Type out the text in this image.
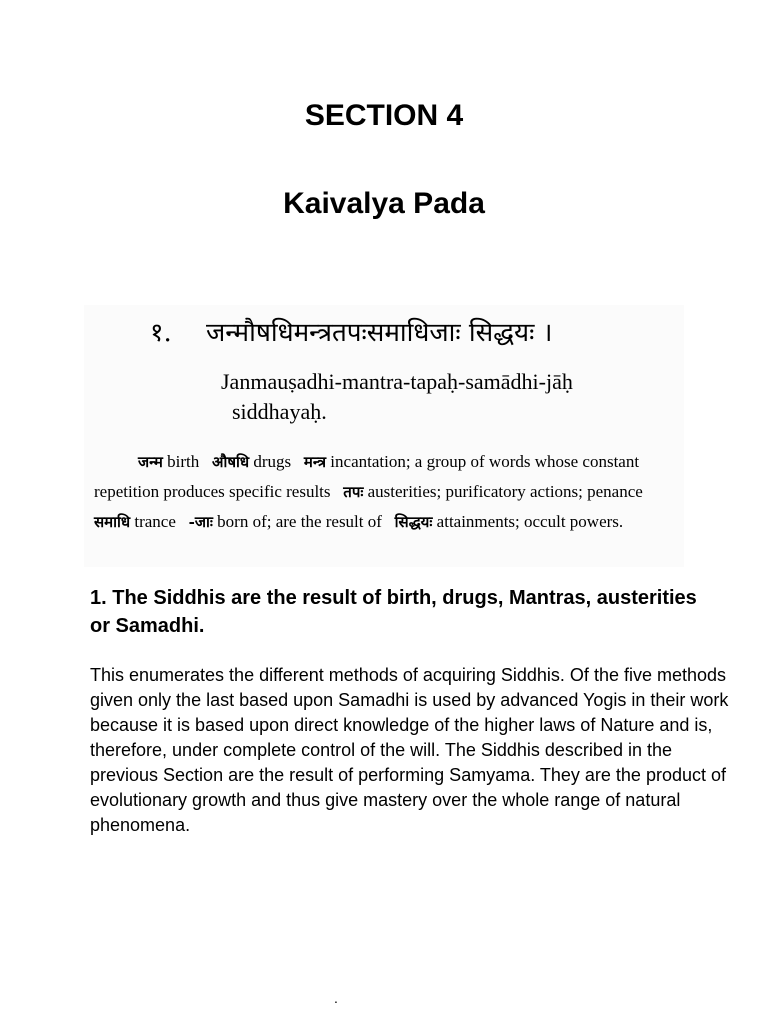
SECTION 4
Kaivalya Pada
१. जन्मौषधिमन्त्रतपःसमाधिजाः सिद्धयः ।
Janmauṣadhi-mantra-tapaḥ-samādhi-jāḥ
siddhayaḥ.
जन्म birth औषधि drugs मन्त्र incantation; a group of words whose constant repetition produces specific results तपः austerities; purificatory actions; penance   समाधि trance -जाः born of; are the result of सिद्धयः attainments; occult powers.
1. The Siddhis are the result of birth, drugs, Mantras, austerities or Samadhi.
This enumerates the different methods of acquiring Siddhis. Of the five methods given only the last based upon Samadhi is used by advanced Yogis in their work because it is based upon direct knowledge of the higher laws of Nature and is, therefore, under complete control of the will. The Siddhis described in the previous Section are the result of performing Samyama. They are the product of evolutionary growth and thus give mastery over the whole range of natural phenomena.
.
